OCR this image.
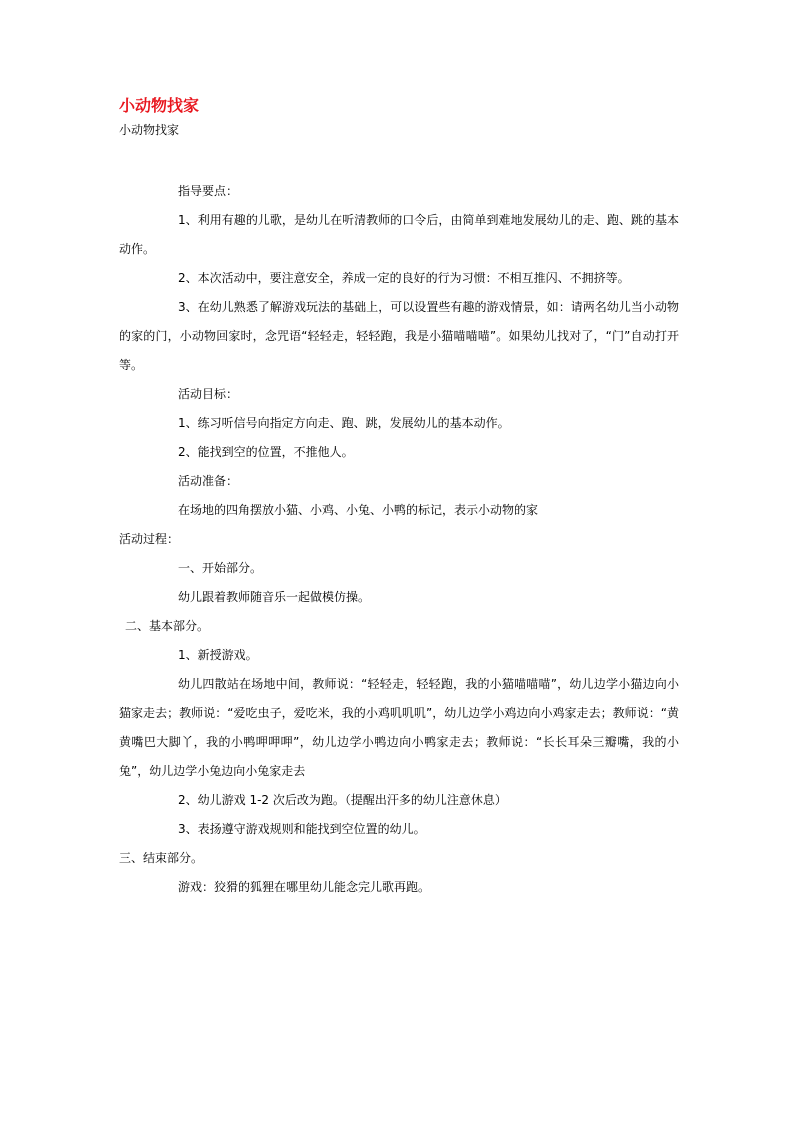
小动物找家
小动物找家

指导要点：

1、利用有趣的儿歌，是幼儿在听清教师的口令后，由简单到难地发展幼儿的走、跑、跳的基本动作。

2、本次活动中，要注意安全，养成一定的良好的行为习惯：不相互推闪、不拥挤等。

3、在幼儿熟悉了解游戏玩法的基础上，可以设置些有趣的游戏情景，如：请两名幼儿当小动物的家的门，小动物回家时，念咒语“轻轻走，轻轻跑，我是小猫喵喵喵”。如果幼儿找对了，“门”自动打开等。

活动目标：

1、练习听信号向指定方向走、跑、跳，发展幼儿的基本动作。

2、能找到空的位置，不推他人。

活动准备：

在场地的四角摆放小猫、小鸡、小兔、小鸭的标记，表示小动物的家

活动过程：

一、开始部分。

幼儿跟着教师随音乐一起做模仿操。

二、基本部分。

1、新授游戏。

幼儿四散站在场地中间，教师说：“轻轻走，轻轻跑，我的小猫喵喵喵”，幼儿边学小猫边向小猫家走去；教师说：“爱吃虫子，爱吃米，我的小鸡叽叽叽”，幼儿边学小鸡边向小鸡家走去；教师说：“黄黄嘴巴大脚丫，我的小鸭呷呷呷”，幼儿边学小鸭边向小鸭家走去；教师说：“长长耳朵三瓣嘴，我的小兔”，幼儿边学小兔边向小兔家走去

2、幼儿游戏 1-2 次后改为跑。（提醒出汗多的幼儿注意休息）

3、表扬遵守游戏规则和能找到空位置的幼儿。

三、结束部分。

游戏：狡猾的狐狸在哪里幼儿能念完儿歌再跑。
